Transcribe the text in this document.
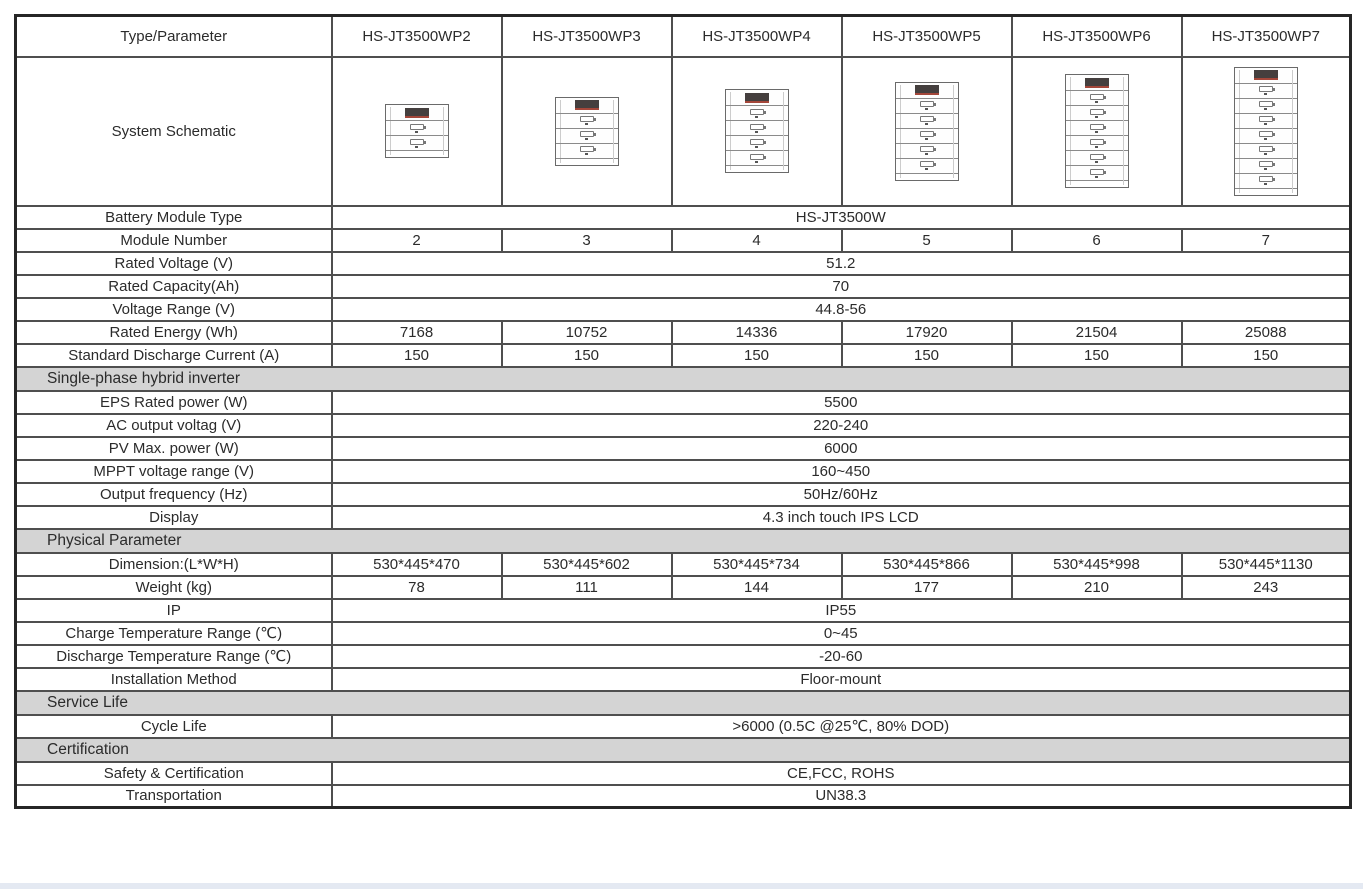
Type/Parameter	HS-JT3500WP2	HS-JT3500WP3	HS-JT3500WP4	HS-JT3500WP5	HS-JT3500WP6	HS-JT3500WP7
System Schematic	

Battery Module Type	HS-JT3500W					
Module Number	2	3	4	5	6	7
Rated Voltage (V)	51.2					
Rated Capacity(Ah)	70					
Voltage Range (V)	44.8-56					
Rated Energy (Wh)	7168	10752	14336	17920	21504	25088
Standard Discharge Current (A)	150	150	150	150	150	150
Single-phase hybrid inverter						
EPS Rated power (W)	5500					
AC output voltag (V)	220-240					
PV Max. power (W)	6000					
MPPT voltage range (V)	160~450					
Output frequency (Hz)	50Hz/60Hz					
Display	4.3 inch touch IPS LCD					
Physical Parameter						
Dimension:(L*W*H)	530*445*470	530*445*602	530*445*734	530*445*866	530*445*998	530*445*1130
Weight (kg)	78	111	144	177	210	243
IP	IP55					
Charge Temperature Range (℃)	0~45					
Discharge Temperature Range (℃)	-20-60					
Installation Method	Floor-mount					
Service Life						
Cycle Life	>6000 (0.5C @25℃, 80% DOD)					
Certification						
Safety & Certification	CE,FCC, ROHS					
Transportation	UN38.3					
